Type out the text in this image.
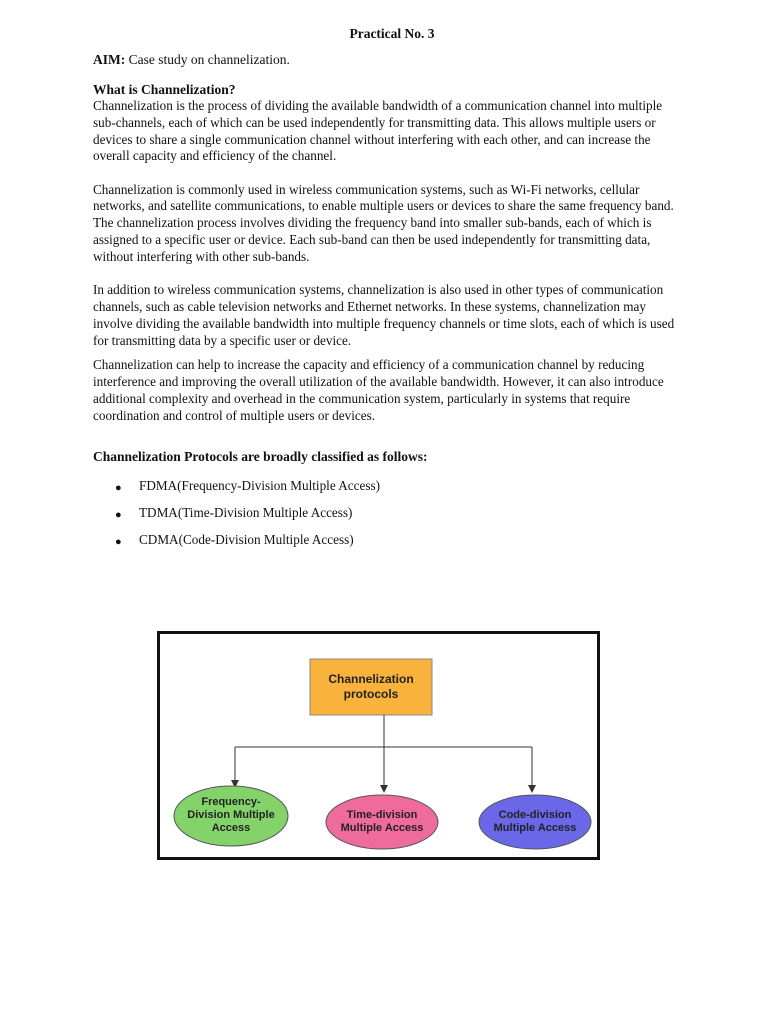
Practical No. 3

AIM: Case study on channelization.

What is Channelization?

Channelization is the process of dividing the available bandwidth of a communication channel into multiple sub-channels, each of which can be used independently for transmitting data. This allows multiple users or devices to share a single communication channel without interfering with each other, and can increase the overall capacity and efficiency of the channel.

Channelization is commonly used in wireless communication systems, such as Wi-Fi networks, cellular networks, and satellite communications, to enable multiple users or devices to share the same frequency band. The channelization process involves dividing the frequency band into smaller sub-bands, each of which is assigned to a specific user or device. Each sub-band can then be used independently for transmitting data, without interfering with other sub-bands.

In addition to wireless communication systems, channelization is also used in other types of communication channels, such as cable television networks and Ethernet networks. In these systems, channelization may involve dividing the available bandwidth into multiple frequency channels or time slots, each of which is used for transmitting data by a specific user or device.

Channelization can help to increase the capacity and efficiency of a communication channel by reducing interference and improving the overall utilization of the available bandwidth. However, it can also introduce additional complexity and overhead in the communication system, particularly in systems that require coordination and control of multiple users or devices.

Channelization Protocols are broadly classified as follows:

● FDMA(Frequency-Division Multiple Access)
● TDMA(Time-Division Multiple Access)
● CDMA(Code-Division Multiple Access)
Channelization
protocols
Frequency-
Division Multiple
Access
Time-division
Multiple Access
Code-division
Multiple Access
